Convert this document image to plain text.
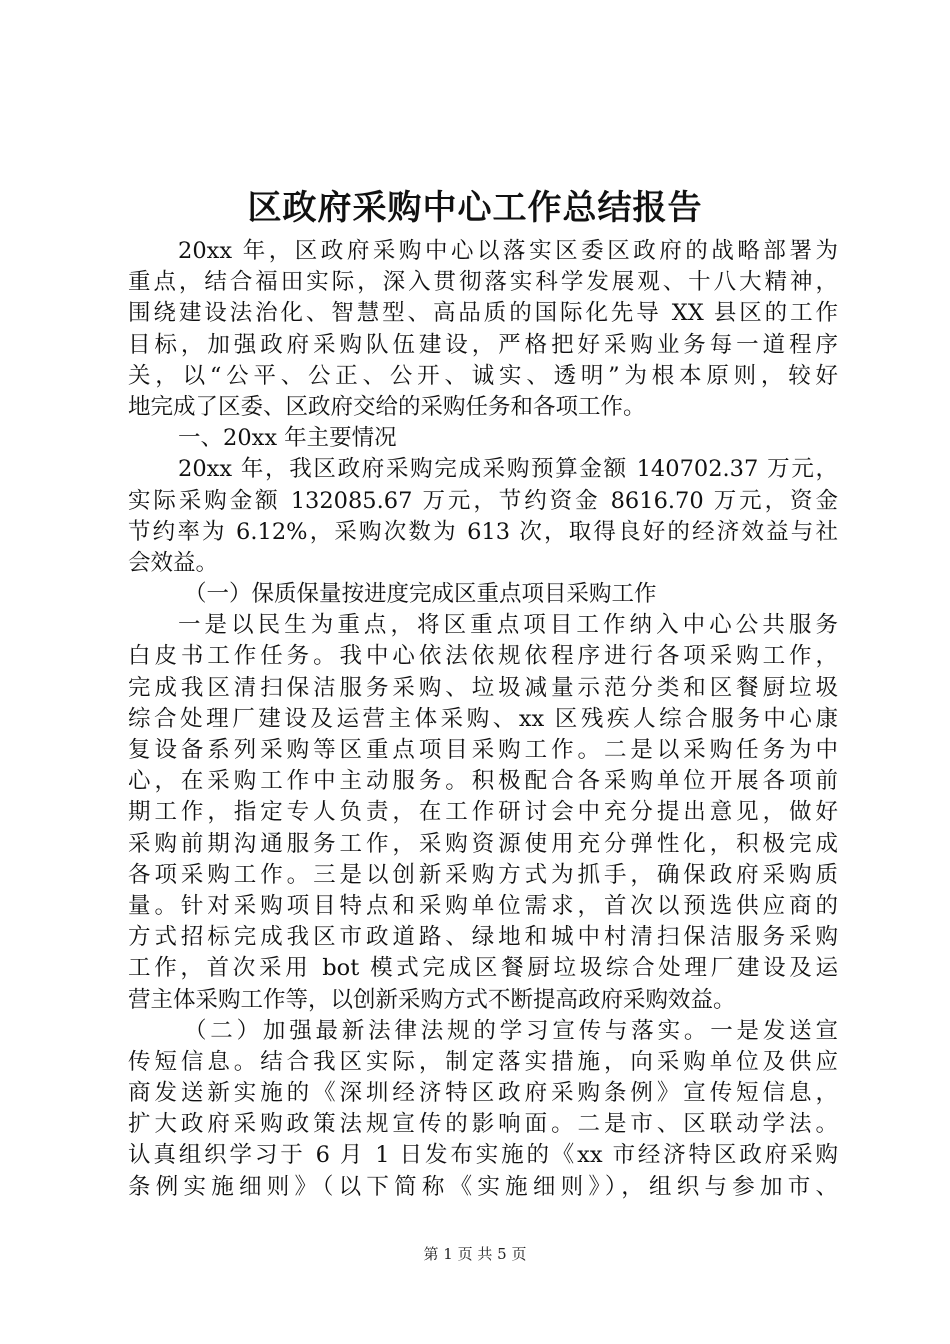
区政府采购中心工作总结报告
20xx 年，区政府采购中心以落实区委区政府的战略部署为
重点，结合福田实际，深入贯彻落实科学发展观、十八大精神，
围绕建设法治化、智慧型、高品质的国际化先导 XX 县区的工作
目标，加强政府采购队伍建设，严格把好采购业务每一道程序
关，以“公平、公正、公开、诚实、透明”为根本原则，较好
地完成了区委、区政府交给的采购任务和各项工作。
一、20xx 年主要情况
20xx 年，我区政府采购完成采购预算金额 140702.37 万元，
实际采购金额 132085.67 万元，节约资金 8616.70 万元，资金
节约率为 6.12%，采购次数为 613 次，取得良好的经济效益与社
会效益。
（一）保质保量按进度完成区重点项目采购工作
一是以民生为重点，将区重点项目工作纳入中心公共服务
白皮书工作任务。我中心依法依规依程序进行各项采购工作，
完成我区清扫保洁服务采购、垃圾减量示范分类和区餐厨垃圾
综合处理厂建设及运营主体采购、xx 区残疾人综合服务中心康
复设备系列采购等区重点项目采购工作。二是以采购任务为中
心，在采购工作中主动服务。积极配合各采购单位开展各项前
期工作，指定专人负责，在工作研讨会中充分提出意见，做好
采购前期沟通服务工作，采购资源使用充分弹性化，积极完成
各项采购工作。三是以创新采购方式为抓手，确保政府采购质
量。针对采购项目特点和采购单位需求，首次以预选供应商的
方式招标完成我区市政道路、绿地和城中村清扫保洁服务采购
工作，首次采用 bot 模式完成区餐厨垃圾综合处理厂建设及运
营主体采购工作等，以创新采购方式不断提高政府采购效益。
（二）加强最新法律法规的学习宣传与落实。一是发送宣
传短信息。结合我区实际，制定落实措施，向采购单位及供应
商发送新实施的《深圳经济特区政府采购条例》宣传短信息，
扩大政府采购政策法规宣传的影响面。二是市、区联动学法。
认真组织学习于 6 月 1 日发布实施的《xx 市经济特区政府采购
条例实施细则》（以下简称《实施细则》），组织与参加市、
第 1 页 共 5 页
